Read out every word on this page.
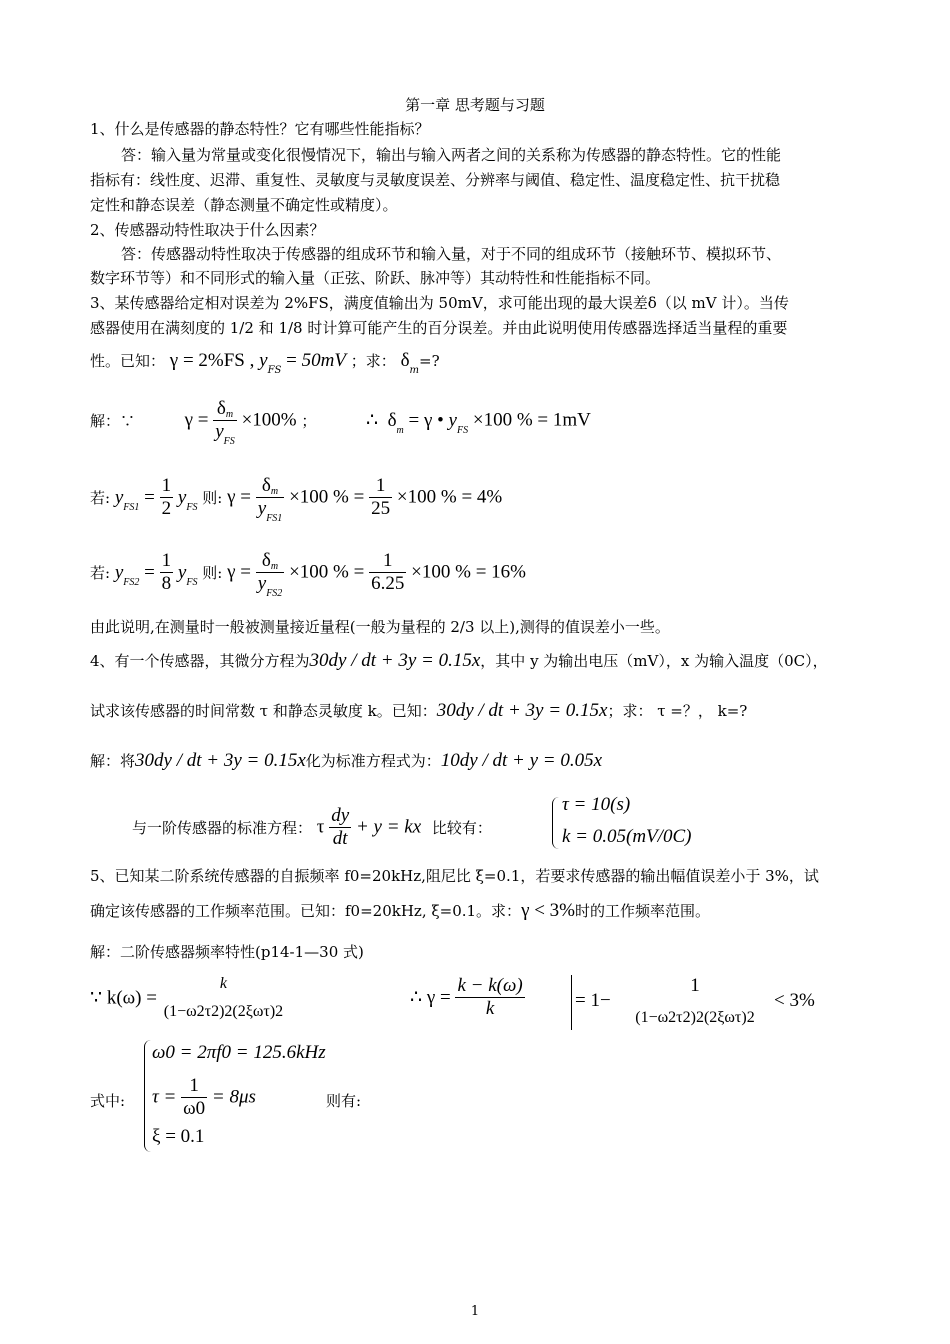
第一章 思考题与习题
1、什么是传感器的静态特性？它有哪些性能指标？
答：输入量为常量或变化很慢情况下，输出与输入两者之间的关系称为传感器的静态特性。它的性能
指标有：线性度、迟滞、重复性、灵敏度与灵敏度误差、分辨率与阈值、稳定性、温度稳定性、抗干扰稳
定性和静态误差（静态测量不确定性或精度）。
2、传感器动特性取决于什么因素？
答：传感器动特性取决于传感器的组成环节和输入量，对于不同的组成环节（接触环节、模拟环节、
数字环节等）和不同形式的输入量（正弦、阶跃、脉冲等）其动特性和性能指标不同。
3、某传感器给定相对误差为 2%FS，满度值输出为 50mV，求可能出现的最大误差δ（以 mV 计）。当传
感器使用在满刻度的 1/2 和 1/8 时计算可能产生的百分误差。并由此说明使用传感器选择适当量程的重要
性。已知： γ = 2%FS , $y_{FS} = 50mV$ ；求： $\delta_m=$?
解：∵	$\gamma = \frac{\delta m}{y_{FS}} \times 100\%$ ；	∴  $\delta_m = \gamma$ • $y_{FS} \times 100$ % = 1mV
若: $y_{FS1} = \frac{1}{2} y_{FS}$ 则: $\gamma = \frac{\delta m}{y_{FS1}} \times 100$ % = $\frac{1}{25} \times 100$ % = 4%
若: $y_{FS2} = \frac{1}{8} y_{FS}$ 则: $\gamma = \frac{\delta m}{y_{FS2}} \times 100$ % = $\frac{1}{6.25} \times 100$ % = 16%
由此说明,在测量时一般被测量接近量程(一般为量程的 2/3 以上),测得的值误差小一些。
4、有一个传感器，其微分方程为30dy / dt + 3y = 0.15x，其中 y 为输出电压（mV），x 为输入温度（0C），
试求该传感器的时间常数 τ 和静态灵敏度 k。已知：30dy / dt + 3y = 0.15x；求： τ =？， k=?
解：将30dy / dt + 3y = 0.15x化为标准方程式为：10dy / dt + y = 0.05x
与一阶传感器的标准方程： τ $\frac{dy}{dt} + y$ = kx 比较有：
τ = 10(s)
k = 0.05(mV/0C)
5、已知某二阶系统传感器的自振频率 f0=20kHz,阻尼比 ξ=0.1，若要求传感器的输出幅值误差小于 3%，试
确定该传感器的工作频率范围。已知：f0=20kHz, ξ=0.1。求：γ < 3%时的工作频率范围。
解：二阶传感器频率特性(p14-1—30 式)
∵ k(ω) =
k
(1−ω2τ2)2(2ξωτ)2
∴ $\gamma = \frac{k - k(\omega)}{k}$	= 1−
1
(1−ω2τ2)2(2ξωτ)2
< 3%
式中:
ω0 = 2πf0 = 125.6kHz
$\tau = \frac{1}{\omega 0} = 8\mu s$
ξ = 0.1
则有:
1
